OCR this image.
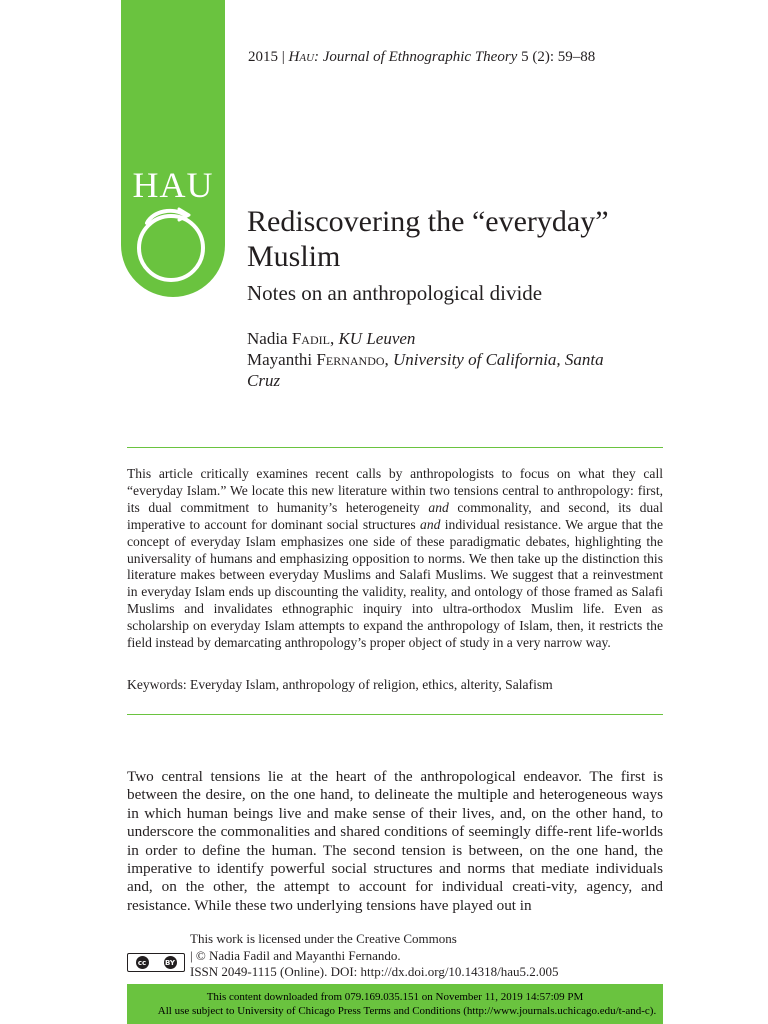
HAU
2015 | Hau: Journal of Ethnographic Theory 5 (2): 59–88
Rediscovering the “everyday” Muslim
Notes on an anthropological divide
Nadia Fadil, KU Leuven
Mayanthi Fernando, University of California, Santa Cruz

This article critically examines recent calls by anthropologists to focus on what they call “everyday Islam.” We locate this new literature within two tensions central to anthropology: first, its dual commitment to humanity’s heterogeneity and commonality, and second, its dual imperative to account for dominant social structures and individual resistance. We argue that the concept of everyday Islam emphasizes one side of these paradigmatic debates, highlighting the universality of humans and emphasizing opposition to norms. We then take up the distinction this literature makes between everyday Muslims and Salafi Muslims. We suggest that a reinvestment in everyday Islam ends up discounting the validity, reality, and ontology of those framed as Salafi Muslims and invalidates ethnographic inquiry into ultra-orthodox Muslim life. Even as scholarship on everyday Islam attempts to expand the anthropology of Islam, then, it restricts the field instead by demarcating anthropology’s proper object of study in a very narrow way.

Keywords: Everyday Islam, anthropology of religion, ethics, alterity, Salafism

Two central tensions lie at the heart of the anthropological endeavor. The first is between the desire, on the one hand, to delineate the multiple and heterogeneous ways in which human beings live and make sense of their lives, and, on the other hand, to underscore the commonalities and shared conditions of seemingly diffe-rent life-worlds in order to define the human. The second tension is between, on the one hand, the imperative to identify powerful social structures and norms that mediate individuals and, on the other, the attempt to account for individual creati-vity, agency, and resistance. While these two underlying tensions have played out in

cc	BY
This work is licensed under the Creative Commons
| © Nadia Fadil and Mayanthi Fernando.
ISSN 2049-1115 (Online). DOI: http://dx.doi.org/10.14318/hau5.2.005
This content downloaded from 079.169.035.151 on November 11, 2019 14:57:09 PM
All use subject to University of Chicago Press Terms and Conditions (http://www.journals.uchicago.edu/t-and-c).
